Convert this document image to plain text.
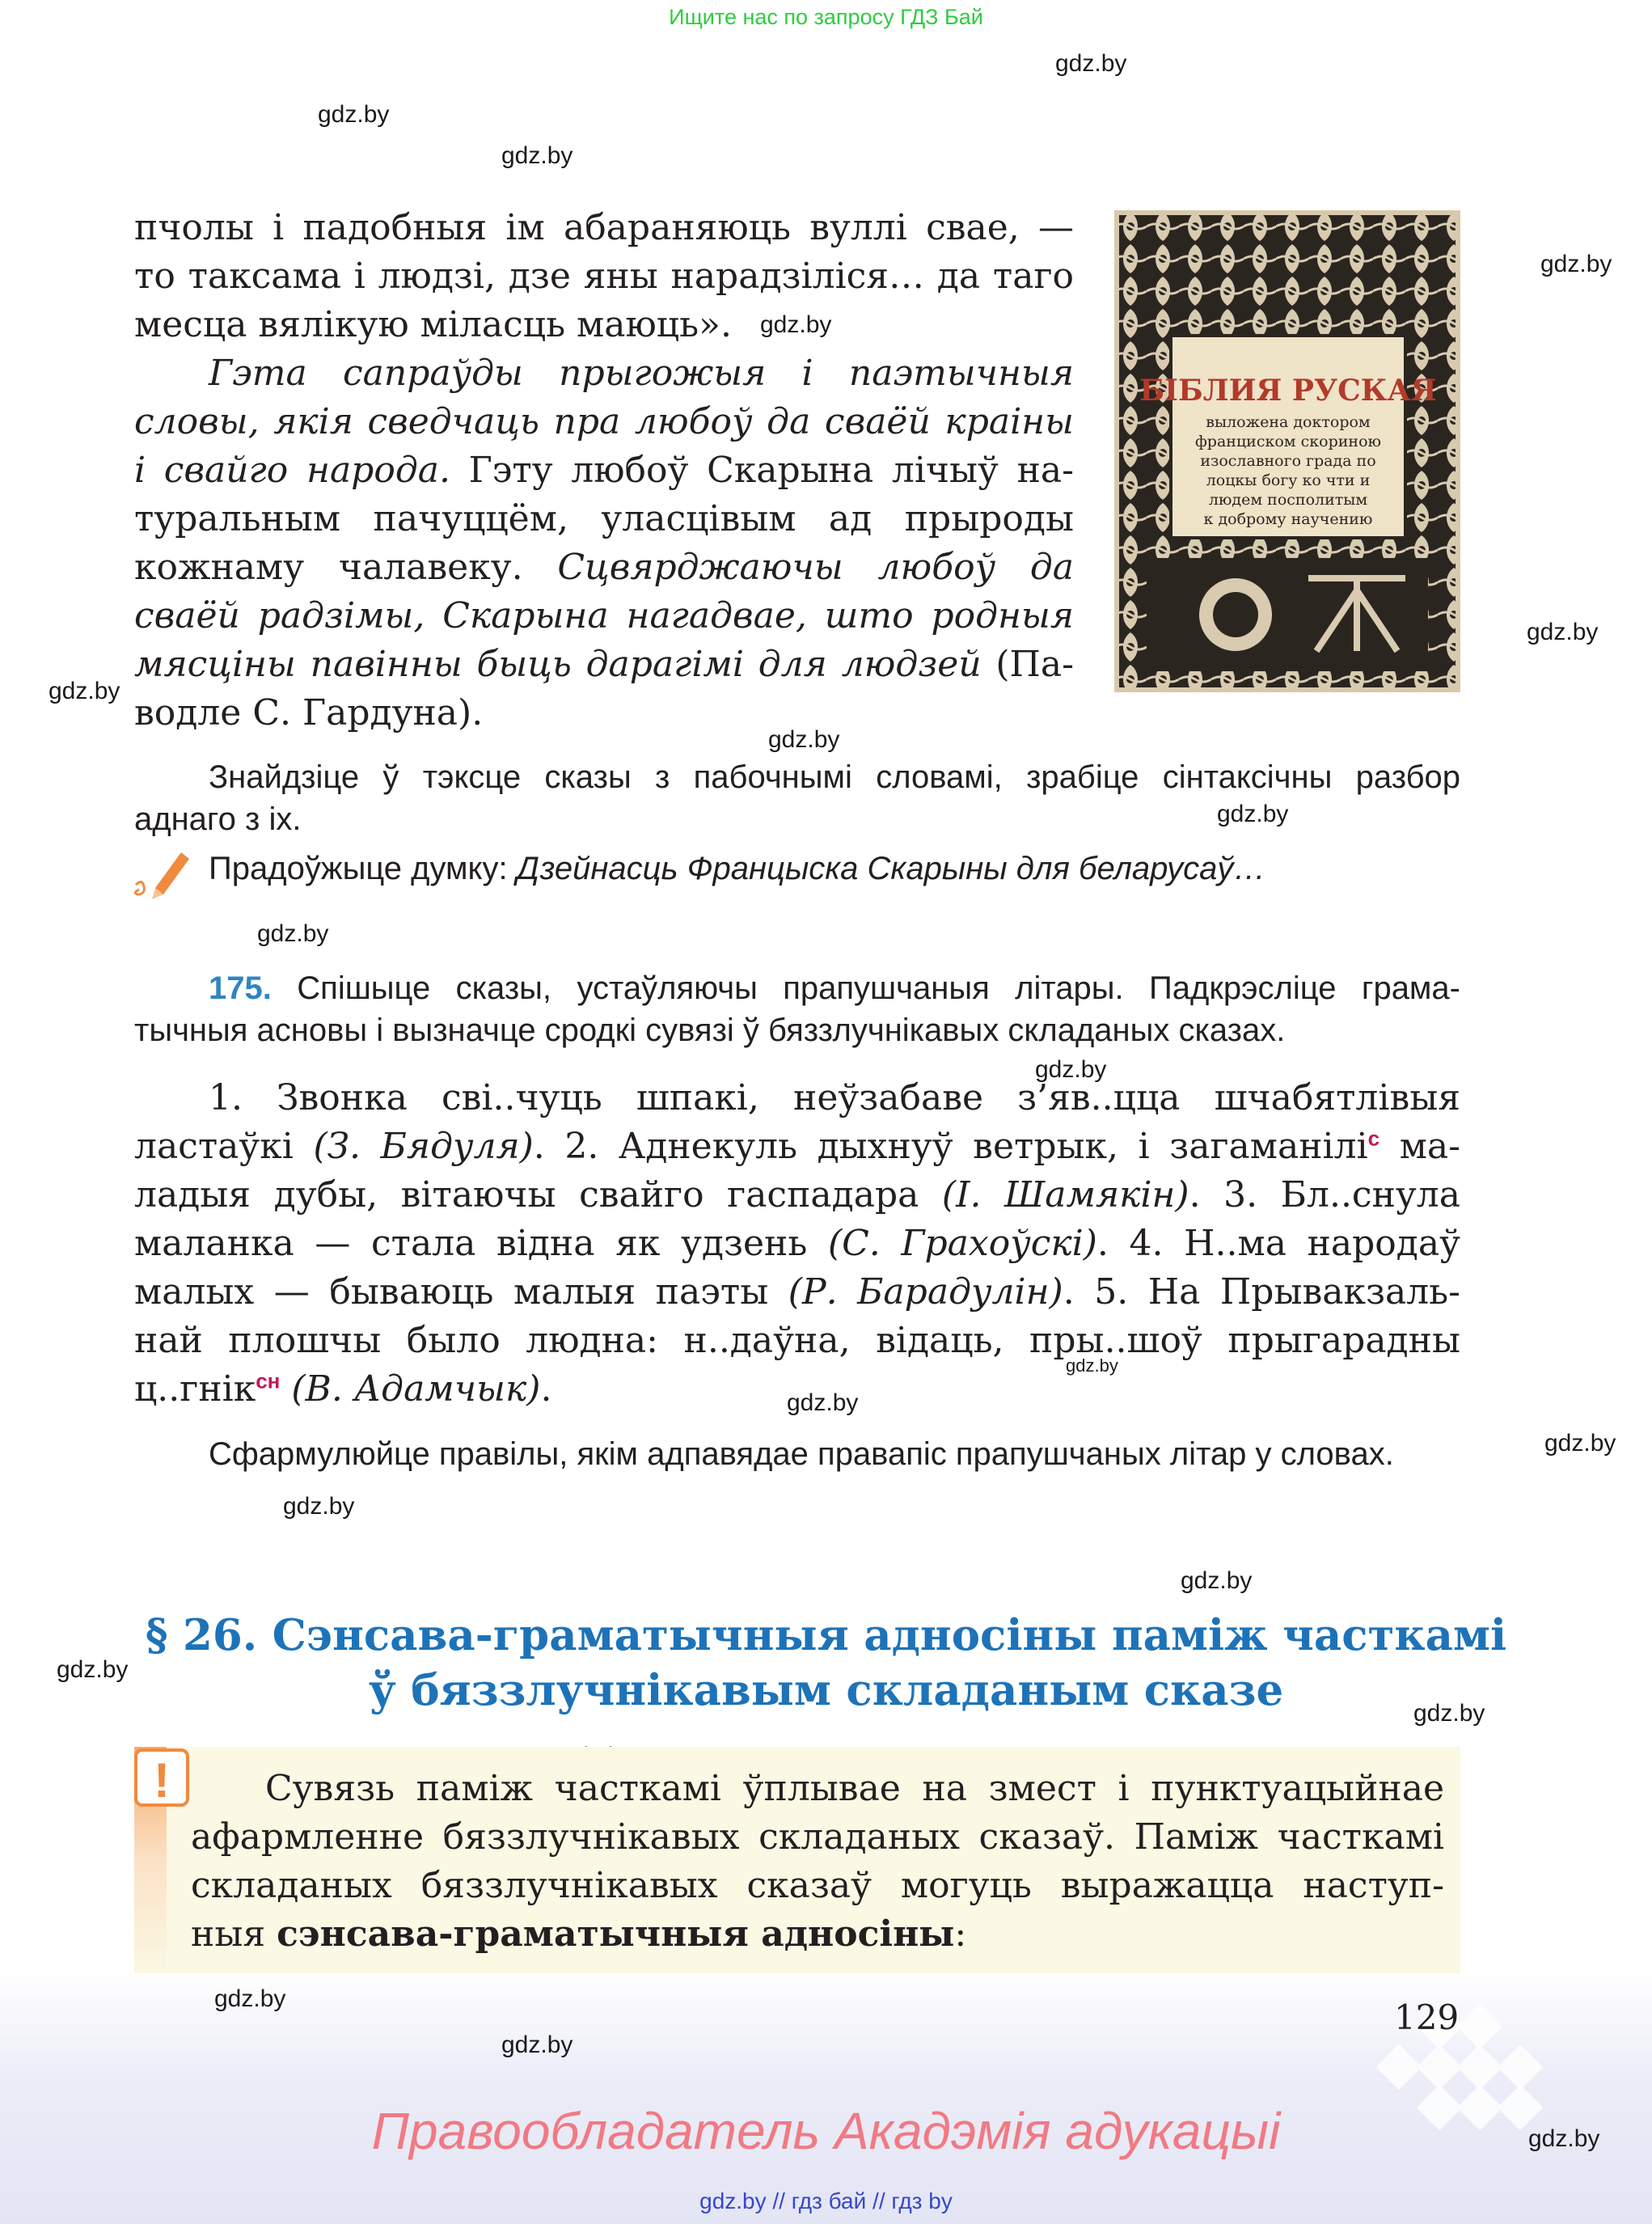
Ищите нас по запросу ГДЗ Бай
gdz.by
gdz.by
gdz.by
gdz.by
gdz.by
gdz.by
gdz.by
gdz.by
gdz.by
gdz.by
gdz.by
gdz.by
gdz.by
gdz.by
gdz.by
gdz.by
gdz.by
gdz.by
пчолы і падобныя ім абараняюць вуллі свае, —
то таксама і людзі, дзе яны нарадзіліся… да таго
месца вялікую міласць маюць».
Гэта сапраўды прыгожыя і паэтычныя
словы, якія сведчаць пра любоў да сваёй краіны
і свайго народа. Гэту любоў Скарына лічыў на-
туральным пачуццём, уласцівым ад прыроды
кожнаму чалавеку. Сцвярджаючы любоў да
сваёй радзімы, Скарына нагадвае, што родныя
мясціны павінны быць дарагімі для людзей (Па-
водле С. Гардуна).
БІБЛИЯ РУСКАЯ
выложена доктором
франциском скориною
изославного града по
лоцкы богу ко чти и
людем посполитым
к доброму научению
Знайдзіце ў тэксце сказы з пабочнымі словамі, зрабіце сінтаксічны разбор
аднаго з іх.
Прадоўжыце думку: Дзейнасць Францыска Скарыны для беларусаў…
175. Спішыце сказы, устаўляючы прапушчаныя літары. Падкрэсліце грама-
тычныя асновы і вызначце сродкі сувязі ў бяззлучнікавых складаных сказах.
1. Звонка свi..чуць шпакi, неўзабаве з’яв..цца шчабятлiвыя
ластаўкi (З. Бядуля). 2. Аднекуль дыхнуў ветрык, i загаманiлi$^с$ ма-
ладыя дубы, вiтаючы свайго гаспадара (І. Шамякiн). 3. Бл..снула
маланка — стала вiдна як удзень (С. Грахоўскi). 4. Н..ма народаў
малых — бываюць малыя паэты (Р. Барадулiн). 5. На Прывакзаль-
най плошчы было людна: н..даўна, вiдаць, пры..шоў прыгарадны
ц..гнiк$^{сн}$ (В. Адамчык).
Сфармулюйце правілы, якім адпавядае правапіс прапушчаных літар у словах.
§ 26. Сэнсава-граматычныя адносіны паміж часткамі
ў бяззлучнікавым складаным сказе
!	Сувязь паміж часткамі ўплывае на змест і пунктуацыйнае
афармленне бяззлучнікавых складаных сказаў. Паміж часткамі
складаных бяззлучнікавых сказаў могуць выражацца наступ-
ныя сэнсава-граматычныя адносіны:
129
gdz.by
gdz.by
gdz.by
Правообладатель Акадэмія адукацыі
gdz.by // гдз бай // гдз by
